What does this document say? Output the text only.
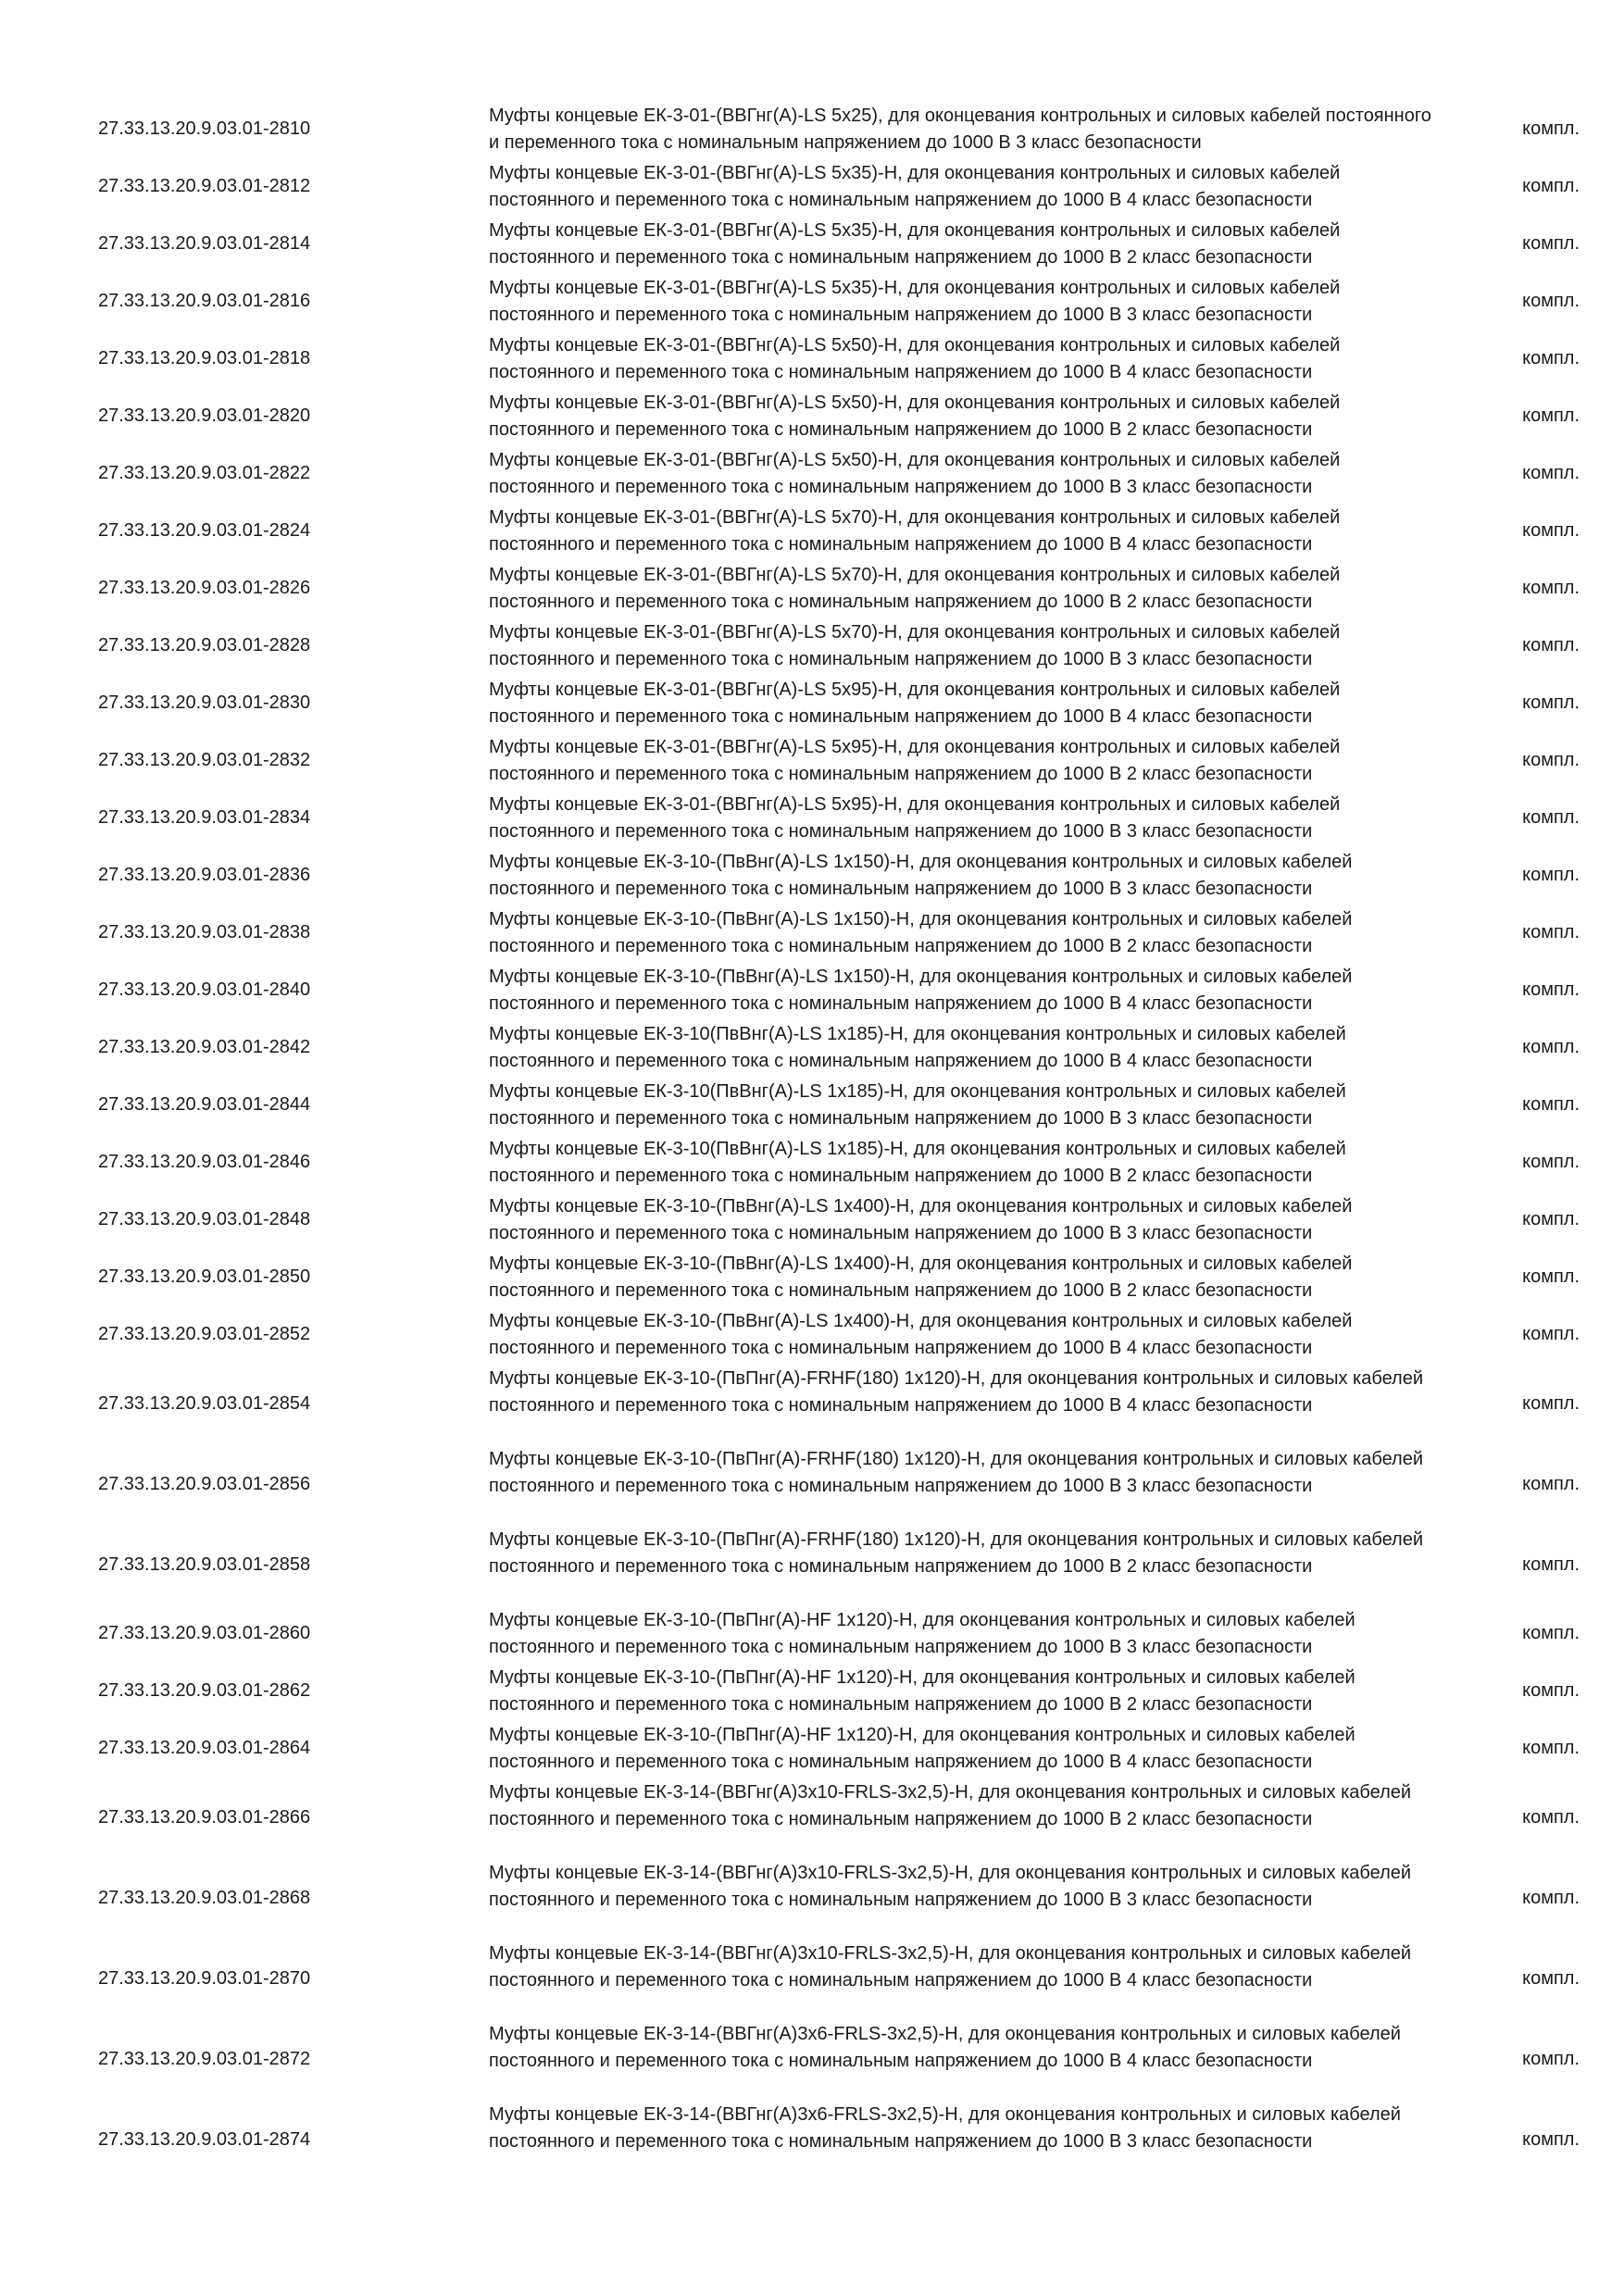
27.33.13.20.9.03.01-2810
Муфты концевые ЕК-3-01-(ВВГнг(А)-LS 5x25), для оконцевания контрольных и силовых кабелей постоянного и переменного тока с номинальным напряжением до 1000 В 3 класс безопасности
компл.
27.33.13.20.9.03.01-2812
Муфты концевые ЕК-3-01-(ВВГнг(А)-LS 5x35)-Н, для оконцевания контрольных и силовых кабелей постоянного и переменного тока с номинальным напряжением до 1000 В 4 класс безопасности
компл.
27.33.13.20.9.03.01-2814
Муфты концевые ЕК-3-01-(ВВГнг(А)-LS 5x35)-Н, для оконцевания контрольных и силовых кабелей постоянного и переменного тока с номинальным напряжением до 1000 В 2 класс безопасности
компл.
27.33.13.20.9.03.01-2816
Муфты концевые ЕК-3-01-(ВВГнг(А)-LS 5x35)-Н, для оконцевания контрольных и силовых кабелей постоянного и переменного тока с номинальным напряжением до 1000 В 3 класс безопасности
компл.
27.33.13.20.9.03.01-2818
Муфты концевые ЕК-3-01-(ВВГнг(А)-LS 5x50)-Н, для оконцевания контрольных и силовых кабелей постоянного и переменного тока с номинальным напряжением до 1000 В 4 класс безопасности
компл.
27.33.13.20.9.03.01-2820
Муфты концевые ЕК-3-01-(ВВГнг(А)-LS 5x50)-Н, для оконцевания контрольных и силовых кабелей постоянного и переменного тока с номинальным напряжением до 1000 В 2 класс безопасности
компл.
27.33.13.20.9.03.01-2822
Муфты концевые ЕК-3-01-(ВВГнг(А)-LS 5x50)-Н, для оконцевания контрольных и силовых кабелей постоянного и переменного тока с номинальным напряжением до 1000 В 3 класс безопасности
компл.
27.33.13.20.9.03.01-2824
Муфты концевые ЕК-3-01-(ВВГнг(А)-LS 5x70)-Н, для оконцевания контрольных и силовых кабелей постоянного и переменного тока с номинальным напряжением до 1000 В 4 класс безопасности
компл.
27.33.13.20.9.03.01-2826
Муфты концевые ЕК-3-01-(ВВГнг(А)-LS 5x70)-Н, для оконцевания контрольных и силовых кабелей постоянного и переменного тока с номинальным напряжением до 1000 В 2 класс безопасности
компл.
27.33.13.20.9.03.01-2828
Муфты концевые ЕК-3-01-(ВВГнг(А)-LS 5x70)-Н, для оконцевания контрольных и силовых кабелей постоянного и переменного тока с номинальным напряжением до 1000 В 3 класс безопасности
компл.
27.33.13.20.9.03.01-2830
Муфты концевые ЕК-3-01-(ВВГнг(А)-LS 5x95)-Н, для оконцевания контрольных и силовых кабелей постоянного и переменного тока с номинальным напряжением до 1000 В 4 класс безопасности
компл.
27.33.13.20.9.03.01-2832
Муфты концевые ЕК-3-01-(ВВГнг(А)-LS 5x95)-Н, для оконцевания контрольных и силовых кабелей постоянного и переменного тока с номинальным напряжением до 1000 В 2 класс безопасности
компл.
27.33.13.20.9.03.01-2834
Муфты концевые ЕК-3-01-(ВВГнг(А)-LS 5x95)-Н, для оконцевания контрольных и силовых кабелей постоянного и переменного тока с номинальным напряжением до 1000 В 3 класс безопасности
компл.
27.33.13.20.9.03.01-2836
Муфты концевые ЕК-3-10-(ПвВнг(А)-LS 1x150)-Н, для оконцевания контрольных и силовых кабелей постоянного и переменного тока с номинальным напряжением до 1000 В 3 класс безопасности
компл.
27.33.13.20.9.03.01-2838
Муфты концевые ЕК-3-10-(ПвВнг(А)-LS 1x150)-Н, для оконцевания контрольных и силовых кабелей постоянного и переменного тока с номинальным напряжением до 1000 В 2 класс безопасности
компл.
27.33.13.20.9.03.01-2840
Муфты концевые ЕК-3-10-(ПвВнг(А)-LS 1x150)-Н, для оконцевания контрольных и силовых кабелей постоянного и переменного тока с номинальным напряжением до 1000 В 4 класс безопасности
компл.
27.33.13.20.9.03.01-2842
Муфты концевые ЕК-3-10(ПвВнг(А)-LS 1x185)-Н, для оконцевания контрольных и силовых кабелей постоянного и переменного тока с номинальным напряжением до 1000 В 4 класс безопасности
компл.
27.33.13.20.9.03.01-2844
Муфты концевые ЕК-3-10(ПвВнг(А)-LS 1x185)-Н, для оконцевания контрольных и силовых кабелей постоянного и переменного тока с номинальным напряжением до 1000 В 3 класс безопасности
компл.
27.33.13.20.9.03.01-2846
Муфты концевые ЕК-3-10(ПвВнг(А)-LS 1x185)-Н, для оконцевания контрольных и силовых кабелей постоянного и переменного тока с номинальным напряжением до 1000 В 2 класс безопасности
компл.
27.33.13.20.9.03.01-2848
Муфты концевые ЕК-3-10-(ПвВнг(А)-LS 1x400)-Н, для оконцевания контрольных и силовых кабелей постоянного и переменного тока с номинальным напряжением до 1000 В 3 класс безопасности
компл.
27.33.13.20.9.03.01-2850
Муфты концевые ЕК-3-10-(ПвВнг(А)-LS 1x400)-Н, для оконцевания контрольных и силовых кабелей постоянного и переменного тока с номинальным напряжением до 1000 В 2 класс безопасности
компл.
27.33.13.20.9.03.01-2852
Муфты концевые ЕК-3-10-(ПвВнг(А)-LS 1x400)-Н, для оконцевания контрольных и силовых кабелей постоянного и переменного тока с номинальным напряжением до 1000 В 4 класс безопасности
компл.
27.33.13.20.9.03.01-2854
Муфты концевые ЕК-3-10-(ПвПнг(А)-FRHF(180) 1x120)-Н, для оконцевания контрольных и силовых кабелей постоянного и переменного тока с номинальным напряжением до 1000 В 4 класс безопасности	компл.
27.33.13.20.9.03.01-2856
Муфты концевые ЕК-3-10-(ПвПнг(А)-FRHF(180) 1x120)-Н, для оконцевания контрольных и силовых кабелей постоянного и переменного тока с номинальным напряжением до 1000 В 3 класс безопасности	компл.
27.33.13.20.9.03.01-2858
Муфты концевые ЕК-3-10-(ПвПнг(А)-FRHF(180) 1x120)-Н, для оконцевания контрольных и силовых кабелей постоянного и переменного тока с номинальным напряжением до 1000 В 2 класс безопасности	компл.
27.33.13.20.9.03.01-2860
Муфты концевые ЕК-3-10-(ПвПнг(А)-HF 1x120)-Н, для оконцевания контрольных и силовых кабелей постоянного и переменного тока с номинальным напряжением до 1000 В 3 класс безопасности
компл.
27.33.13.20.9.03.01-2862
Муфты концевые ЕК-3-10-(ПвПнг(А)-HF 1x120)-Н, для оконцевания контрольных и силовых кабелей постоянного и переменного тока с номинальным напряжением до 1000 В 2 класс безопасности
компл.
27.33.13.20.9.03.01-2864
Муфты концевые ЕК-3-10-(ПвПнг(А)-HF 1x120)-Н, для оконцевания контрольных и силовых кабелей постоянного и переменного тока с номинальным напряжением до 1000 В 4 класс безопасности
компл.
27.33.13.20.9.03.01-2866
Муфты концевые ЕК-3-14-(ВВГнг(А)3x10-FRLS-3x2,5)-Н, для оконцевания контрольных и силовых кабелей постоянного и переменного тока с номинальным напряжением до 1000 В 2 класс безопасности	компл.
27.33.13.20.9.03.01-2868
Муфты концевые ЕК-3-14-(ВВГнг(А)3x10-FRLS-3x2,5)-Н, для оконцевания контрольных и силовых кабелей постоянного и переменного тока с номинальным напряжением до 1000 В 3 класс безопасности	компл.
27.33.13.20.9.03.01-2870
Муфты концевые ЕК-3-14-(ВВГнг(А)3x10-FRLS-3x2,5)-Н, для оконцевания контрольных и силовых кабелей постоянного и переменного тока с номинальным напряжением до 1000 В 4 класс безопасности	компл.
27.33.13.20.9.03.01-2872
Муфты концевые ЕК-3-14-(ВВГнг(А)3x6-FRLS-3x2,5)-Н, для оконцевания контрольных и силовых кабелей постоянного и переменного тока с номинальным напряжением до 1000 В 4 класс безопасности	компл.
27.33.13.20.9.03.01-2874
Муфты концевые ЕК-3-14-(ВВГнг(А)3x6-FRLS-3x2,5)-Н, для оконцевания контрольных и силовых кабелей постоянного и переменного тока с номинальным напряжением до 1000 В 3 класс безопасности	компл.
